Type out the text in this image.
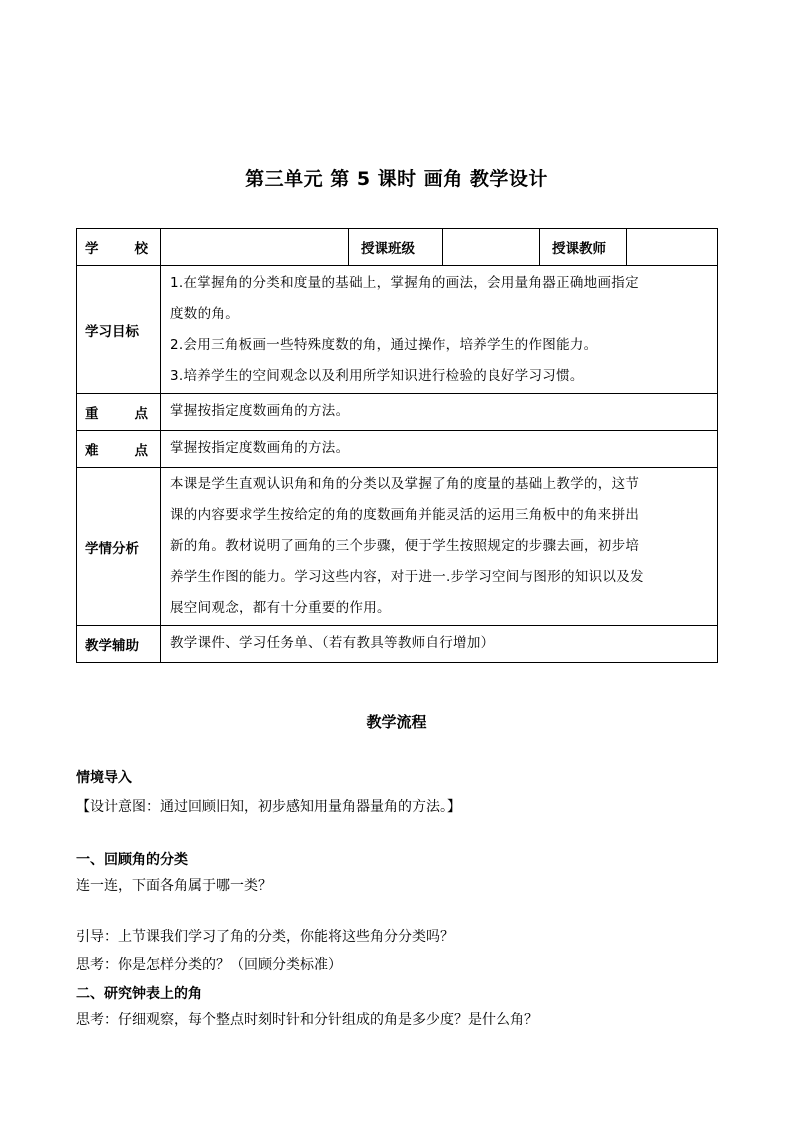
第三单元 第 5 课时 画角 教学设计
学 校		授课班级		授课教师	
学习目标	1.在掌握角的分类和度量的基础上，掌握角的画法，会用量角器正确地画指定

度数的角。

2.会用三角板画一些特殊度数的角，通过操作，培养学生的作图能力。

3.培养学生的空间观念以及利用所学知识进行检验的良好学习习惯。				

重 点	掌握按指定度数画角的方法。				

难 点	掌握按指定度数画角的方法。				
学情分析	本课是学生直观认识角和角的分类以及掌握了角的度量的基础上教学的，这节

课的内容要求学生按给定的角的度数画角并能灵活的运用三角板中的角来拼出

新的角。教材说明了画角的三个步骤，便于学生按照规定的步骤去画，初步培

养学生作图的能力。学习这些内容，对于进一.步学习空间与图形的知识以及发

展空间观念，都有十分重要的作用。				

教学辅助	教学课件、学习任务单、（若有教具等教师自行增加）				
教学流程
情境导入
【设计意图：通过回顾旧知，初步感知用量角器量角的方法。】
一、回顾角的分类
连一连，下面各角属于哪一类？
引导：上节课我们学习了角的分类，你能将这些角分分类吗？
思考：你是怎样分类的？（回顾分类标准）
二、研究钟表上的角
思考：仔细观察，每个整点时刻时针和分针组成的角是多少度？是什么角？
